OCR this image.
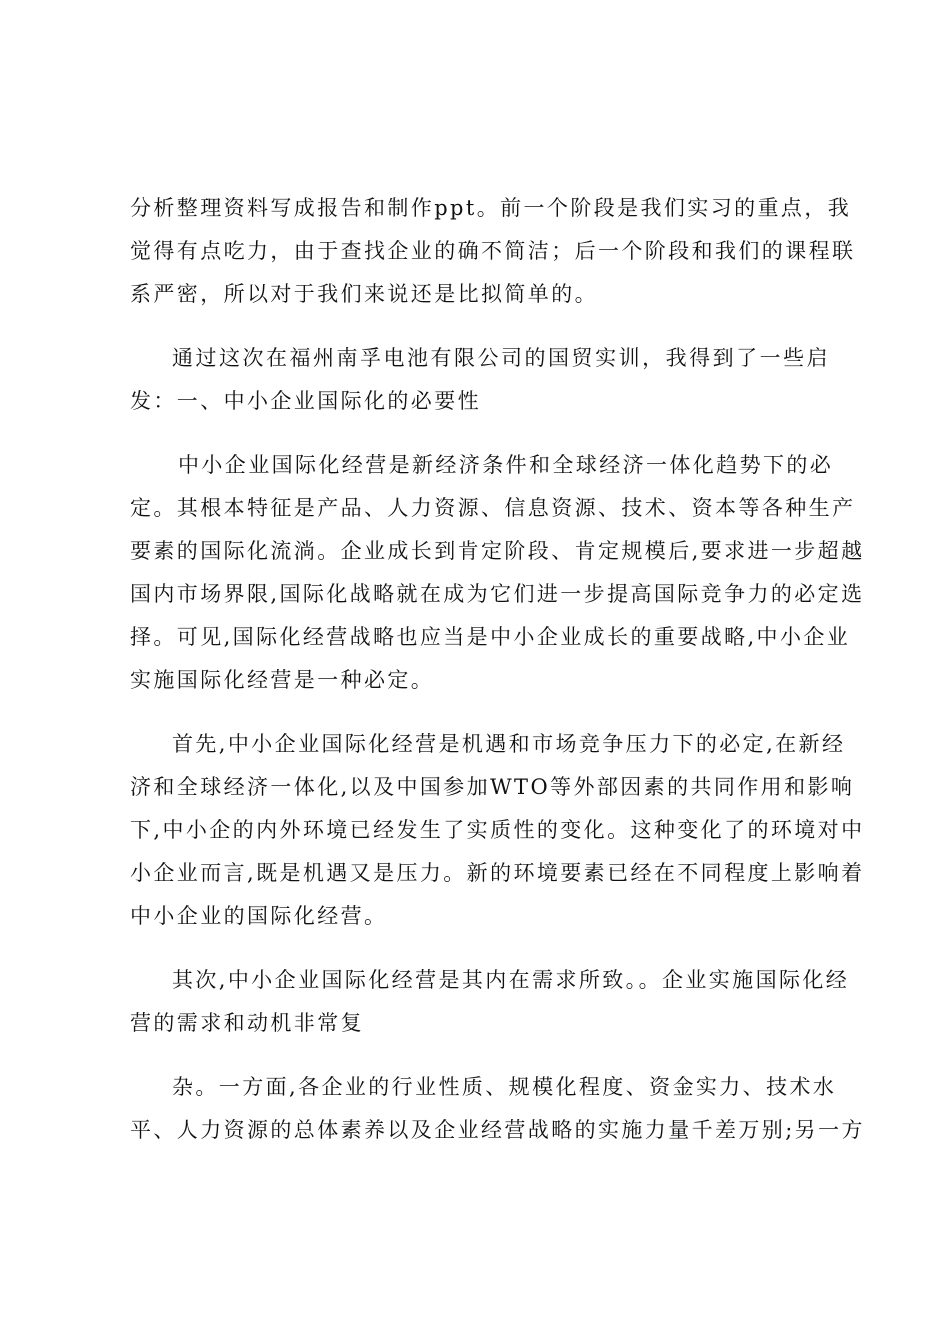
分析整理资料写成报告和制作ppt。前一个阶段是我们实习的重点，我
觉得有点吃力，由于查找企业的确不简洁；后一个阶段和我们的课程联
系严密，所以对于我们来说还是比拟简单的。
通过这次在福州南孚电池有限公司的国贸实训，我得到了一些启
发：一、中小企业国际化的必要性
中小企业国际化经营是新经济条件和全球经济一体化趋势下的必
定。其根本特征是产品、人力资源、信息资源、技术、资本等各种生产
要素的国际化流淌。企业成长到肯定阶段、肯定规模后,要求进一步超越
国内市场界限,国际化战略就在成为它们进一步提高国际竞争力的必定选
择。可见,国际化经营战略也应当是中小企业成长的重要战略,中小企业
实施国际化经营是一种必定。
首先,中小企业国际化经营是机遇和市场竞争压力下的必定,在新经
济和全球经济一体化,以及中国参加WTO等外部因素的共同作用和影响
下,中小企的内外环境已经发生了实质性的变化。这种变化了的环境对中
小企业而言,既是机遇又是压力。新的环境要素已经在不同程度上影响着
中小企业的国际化经营。
其次,中小企业国际化经营是其内在需求所致。。企业实施国际化经
营的需求和动机非常复
杂。一方面,各企业的行业性质、规模化程度、资金实力、技术水
平、人力资源的总体素养以及企业经营战略的实施力量千差万别;另一方
